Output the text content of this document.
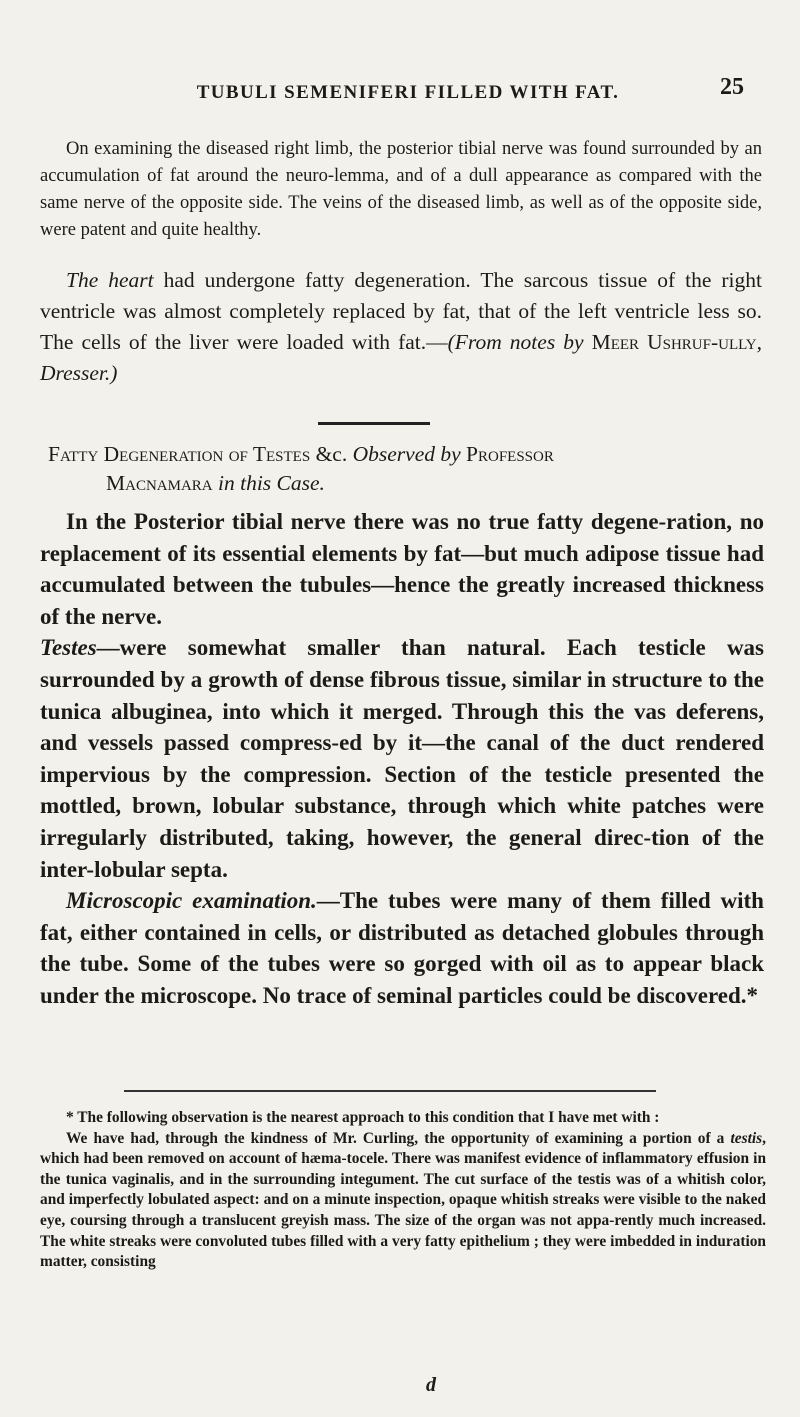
TUBULI SEMENIFERI FILLED WITH FAT.	25

On examining the diseased right limb, the posterior tibial nerve was found surrounded by an accumulation of fat around the neuro-lemma, and of a dull appearance as compared with the same nerve of the opposite side. The veins of the diseased limb, as well as of the opposite side, were patent and quite healthy.

The heart had undergone fatty degeneration. The sarcous tissue of the right ventricle was almost completely replaced by fat, that of the left ventricle less so. The cells of the liver were loaded with fat.—(From notes by Meer Ushruf-ully, Dresser.)

Fatty Degeneration of Testes &c. Observed by Professor
Macnamara in this Case.

In the Posterior tibial nerve there was no true fatty degene-ration, no replacement of its essential elements by fat—but much adipose tissue had accumulated between the tubules—hence the greatly increased thickness of the nerve.

Testes—were somewhat smaller than natural. Each testicle was surrounded by a growth of dense fibrous tissue, similar in structure to the tunica albuginea, into which it merged. Through this the vas deferens, and vessels passed compress-ed by it—the canal of the duct rendered impervious by the compression. Section of the testicle presented the mottled, brown, lobular substance, through which white patches were irregularly distributed, taking, however, the general direc-tion of the inter-lobular septa.

Microscopic examination.—The tubes were many of them filled with fat, either contained in cells, or distributed as detached globules through the tube. Some of the tubes were so gorged with oil as to appear black under the microscope. No trace of seminal particles could be discovered.*

* The following observation is the nearest approach to this condition that I have met with :

We have had, through the kindness of Mr. Curling, the opportunity of examining a portion of a testis, which had been removed on account of hæma-tocele. There was manifest evidence of inflammatory effusion in the tunica vaginalis, and in the surrounding integument. The cut surface of the testis was of a whitish color, and imperfectly lobulated aspect: and on a minute inspection, opaque whitish streaks were visible to the naked eye, coursing through a translucent greyish mass. The size of the organ was not appa-rently much increased. The white streaks were convoluted tubes filled with a very fatty epithelium ; they were imbedded in induration matter, consisting

d
